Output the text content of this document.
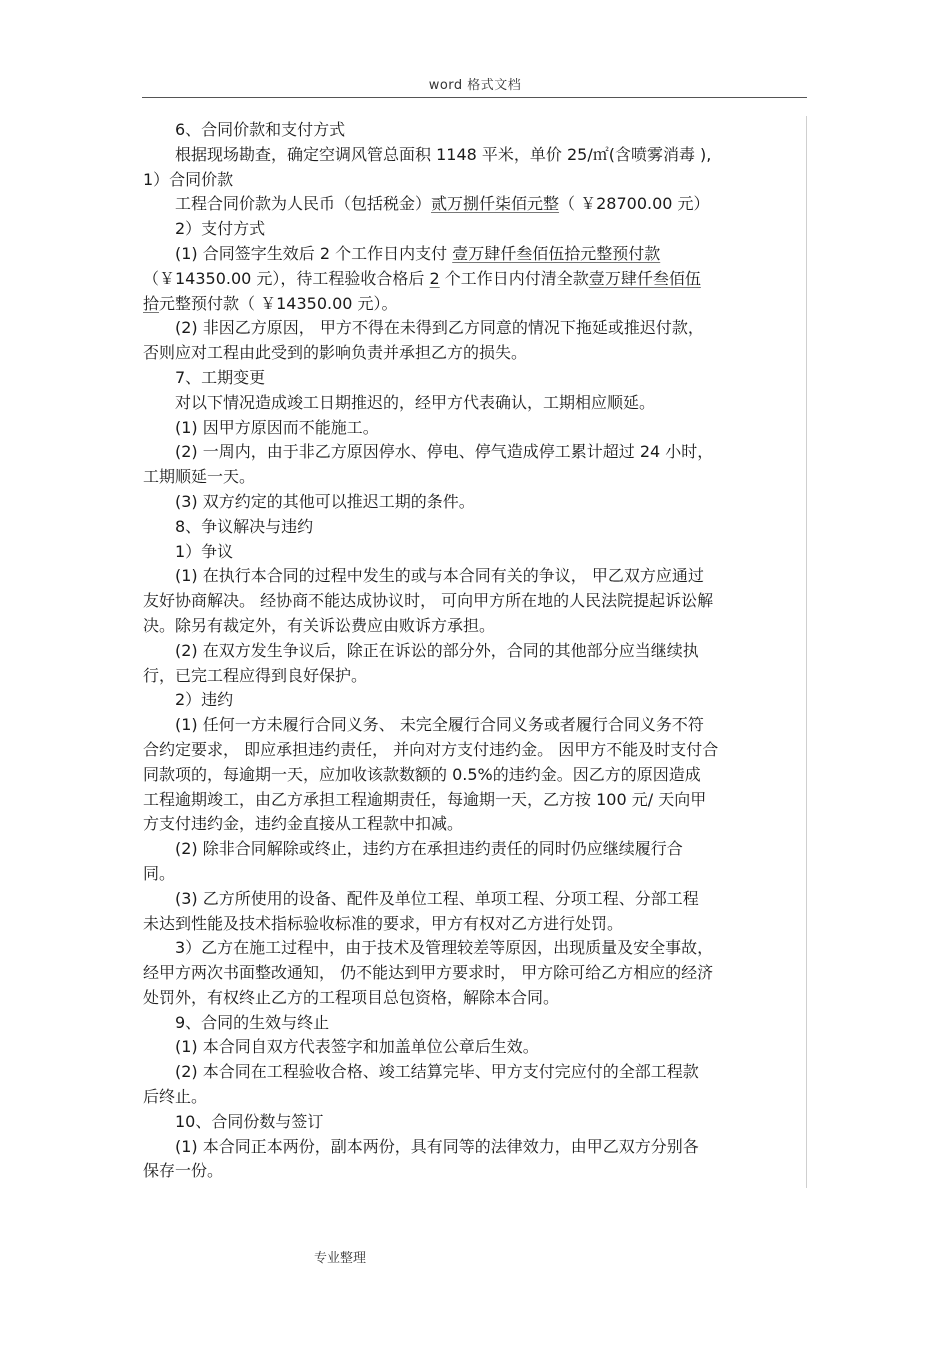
word 格式文档
6、合同价款和支付方式
根据现场勘查，确定空调风管总面积 1148 平米，单价 25/㎡(含喷雾消毒 ),
1）合同价款
工程合同价款为人民币（包括税金）贰万捌仟柒佰元整（ ￥28700.00 元）
2）支付方式
(1) 合同签字生效后 2 个工作日内支付 壹万肆仟叁佰伍拾元整预付款
（￥14350.00 元），待工程验收合格后 2 个工作日内付清全款壹万肆仟叁佰伍
拾元整预付款（ ￥14350.00 元）。
(2) 非因乙方原因， 甲方不得在未得到乙方同意的情况下拖延或推迟付款，
否则应对工程由此受到的影响负责并承担乙方的损失。
7、工期变更
对以下情况造成竣工日期推迟的，经甲方代表确认，工期相应顺延。
(1) 因甲方原因而不能施工。
(2) 一周内，由于非乙方原因停水、停电、停气造成停工累计超过 24 小时，
工期顺延一天。
(3) 双方约定的其他可以推迟工期的条件。
8、争议解决与违约
1）争议
(1) 在执行本合同的过程中发生的或与本合同有关的争议， 甲乙双方应通过
友好协商解决。 经协商不能达成协议时， 可向甲方所在地的人民法院提起诉讼解
决。除另有裁定外，有关诉讼费应由败诉方承担。
(2) 在双方发生争议后，除正在诉讼的部分外，合同的其他部分应当继续执
行，已完工程应得到良好保护。
2）违约
(1) 任何一方未履行合同义务、 未完全履行合同义务或者履行合同义务不符
合约定要求， 即应承担违约责任， 并向对方支付违约金。 因甲方不能及时支付合
同款项的，每逾期一天，应加收该款数额的 0.5%的违约金。因乙方的原因造成
工程逾期竣工，由乙方承担工程逾期责任，每逾期一天，乙方按 100 元/ 天向甲
方支付违约金，违约金直接从工程款中扣减。
(2) 除非合同解除或终止，违约方在承担违约责任的同时仍应继续履行合
同。
(3) 乙方所使用的设备、配件及单位工程、单项工程、分项工程、分部工程
未达到性能及技术指标验收标准的要求，甲方有权对乙方进行处罚。
3）乙方在施工过程中，由于技术及管理较差等原因，出现质量及安全事故，
经甲方两次书面整改通知， 仍不能达到甲方要求时， 甲方除可给乙方相应的经济
处罚外，有权终止乙方的工程项目总包资格，解除本合同。
9、合同的生效与终止
(1) 本合同自双方代表签字和加盖单位公章后生效。
(2) 本合同在工程验收合格、竣工结算完毕、甲方支付完应付的全部工程款
后终止。
10、合同份数与签订
(1) 本合同正本两份，副本两份，具有同等的法律效力，由甲乙双方分别各
保存一份。
专业整理
